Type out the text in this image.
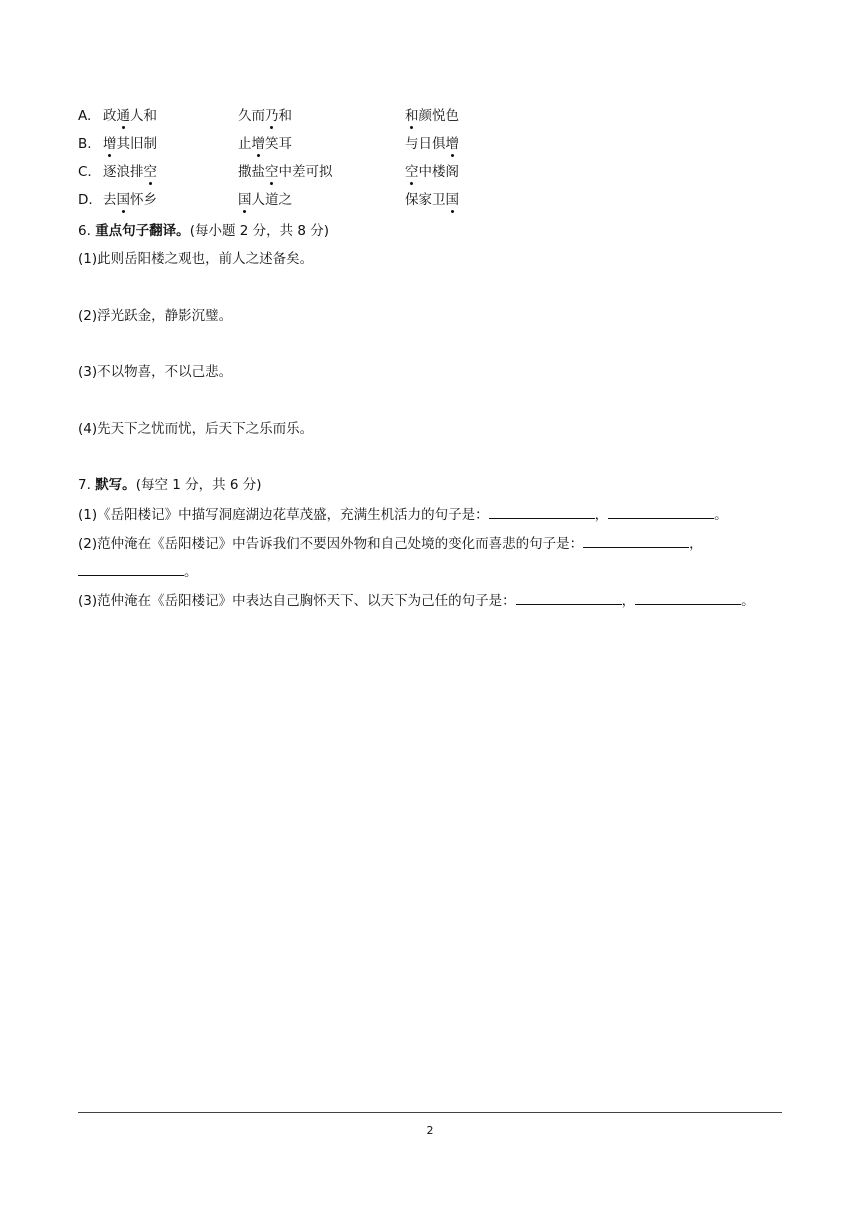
A. 政通人和	久而乃和	和颜悦色
B. 增其旧制	止增笑耳	与日俱增
C. 逐浪排空	撒盐空中差可拟	空中楼阁
D. 去国怀乡	国人道之	保家卫国
6. 重点句子翻译。(每小题 2 分，共 8 分)
(1)此则岳阳楼之观也，前人之述备矣。
(2)浮光跃金，静影沉璧。
(3)不以物喜，不以己悲。
(4)先天下之忧而忧，后天下之乐而乐。
7. 默写。(每空 1 分，共 6 分)
(1)《岳阳楼记》中描写洞庭湖边花草茂盛，充满生机活力的句子是：	，	。
(2)范仲淹在《岳阳楼记》中告诉我们不要因外物和自己处境的变化而喜悲的句子是：	，
。
(3)范仲淹在《岳阳楼记》中表达自己胸怀天下、以天下为己任的句子是：	，	。
2
